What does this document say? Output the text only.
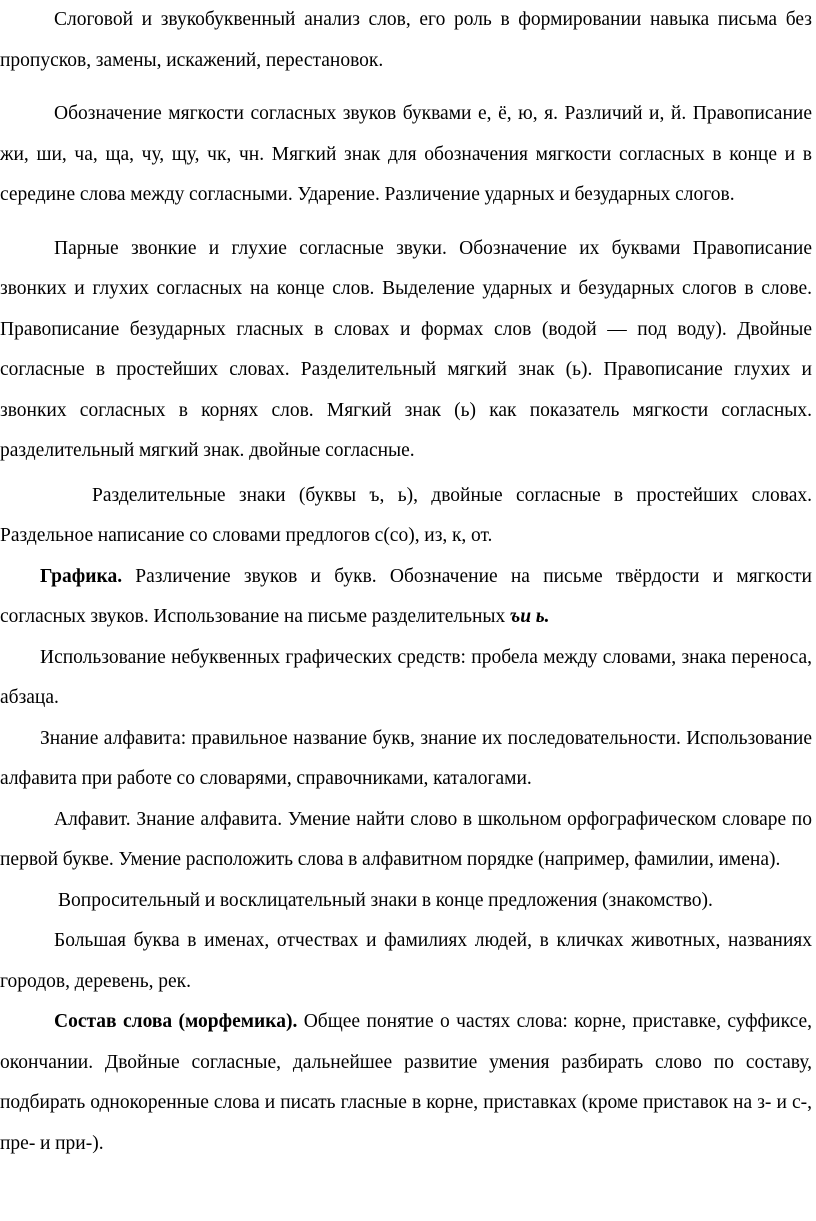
Слоговой и звукобуквенный анализ слов, его роль в формировании навыка письма без пропусков, замены, искажений, перестановок.

Обозначение мягкости согласных звуков буквами е, ё, ю, я. Различий и, й. Правописание жи, ши, ча, ща, чу, щу, чк, чн. Мягкий знак для обозначения мягкости согласных в конце и в середине слова между согласными. Ударение. Различение ударных и безударных слогов.

Парные звонкие и глухие согласные звуки. Обозначение их буквами Правописание звонких и глухих согласных на конце слов. Выделение ударных и безударных слогов в слове. Правописание безударных гласных в словах и формах слов (водой — под воду). Двойные согласные в простейших словах. Разделительный мягкий знак (ь). Правописание глухих и звонких согласных в корнях слов. Мягкий знак (ь) как показатель мягкости согласных. разделительный мягкий знак. двойные согласные.

Разделительные знаки (буквы ъ, ь), двойные согласные в простейших словах. Раздельное написание со словами предлогов с(со), из, к, от.

Графика. Различение звуков и букв. Обозначение на письме твёрдости и мягкости согласных звуков. Использование на письме разделительных ъи ь.

Использование небуквенных графических средств: пробела между словами, знака переноса, абзаца.

Знание алфавита: правильное название букв, знание их последовательности. Использование алфавита при работе со словарями, справочниками, каталогами.

Алфавит. Знание алфавита. Умение найти слово в школьном орфографическом словаре по первой букве. Умение расположить слова в алфавитном порядке (например, фамилии, имена).

Вопросительный и восклицательный знаки в конце предложения (знакомство).

Большая буква в именах, отчествах и фамилиях людей, в кличках животных, названиях городов, деревень, рек.

Состав слова (морфемика). Общее понятие о частях слова: корне, приставке, суффиксе, окончании. Двойные согласные, дальнейшее развитие умения разбирать слово по составу, подбирать однокоренные слова и писать гласные в корне, приставках (кроме приставок на з- и с-, пре- и при-).
